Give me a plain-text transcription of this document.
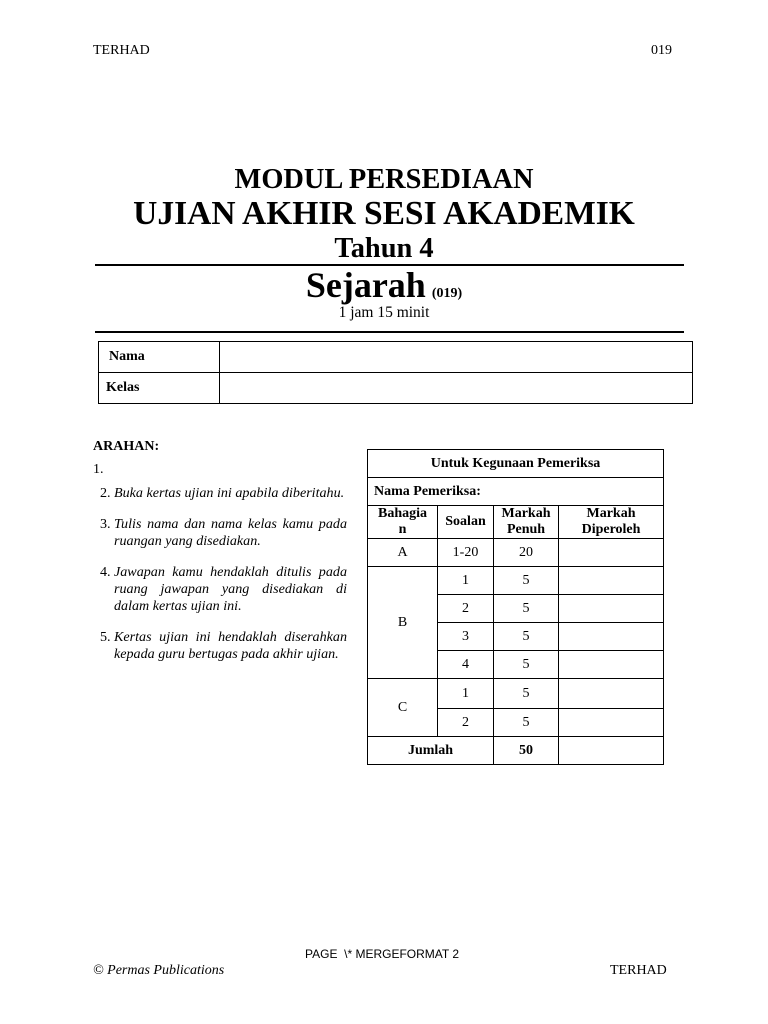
TERHAD	019
MODUL PERSEDIAAN
UJIAN AKHIR SESI AKADEMIK
Tahun 4
Sejarah (019)
1 jam 15 minit
Nama	
Kelas	
ARAHAN:
1.
2. Buka kertas ujian ini apabila diberitahu.
3. Tulis nama dan nama kelas kamu pada ruangan yang disediakan.
4. Jawapan kamu hendaklah ditulis pada ruang jawapan yang disediakan di dalam kertas ujian ini.
5. Kertas ujian ini hendaklah diserahkan kepada guru bertugas pada akhir ujian.
Untuk Kegunaan Pemeriksa			
Nama Pemeriksa:			
Bahagian	Soalan	Markah Penuh	Markah Diperoleh
A	1-20	20	
B	1	5	
	2	5	
	3	5	
	4	5	
C	1	5	
	2	5	
Jumlah		50	
PAGE  \* MERGEFORMAT 2
© Permas Publications	TERHAD
